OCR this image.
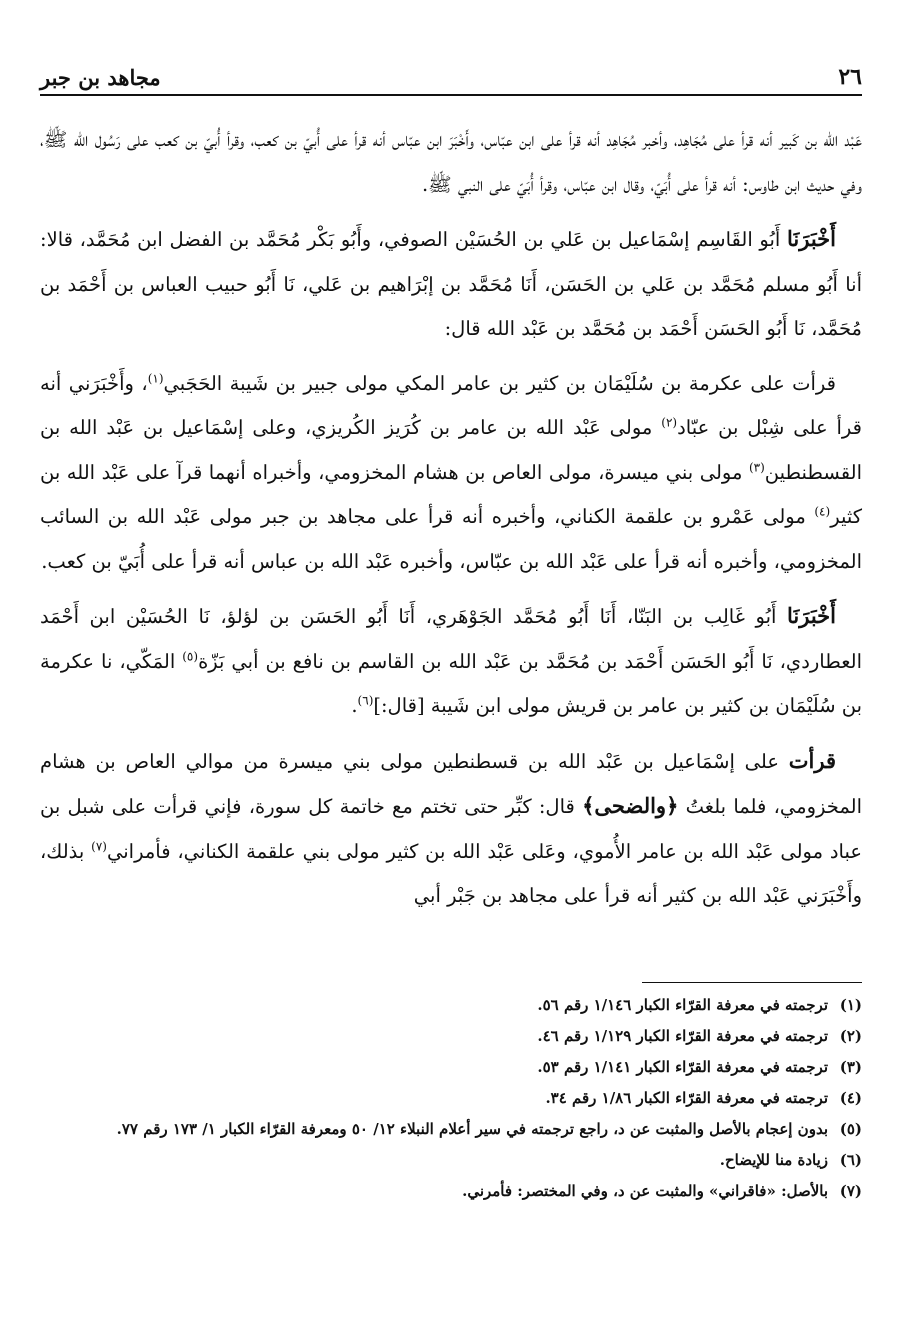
٢٦
مجاهد بن جبر

عَبْد الله بن كَبير أنه قرأ على مُجَاهِد، وأخبر مُجَاهِد أنه قرأ على ابن عبّاس، وأَخْبَرَ ابن عبّاس أنه قرأ على أُبيّ بن كعب، وقرأ أُبيّ بن كعب على رَسُول الله ﷺ، وفي حديث ابن طاوس: أنه قرأ على أُبَيّ، وقال ابن عبّاس، وقرأ أُبَيّ على النبي ﷺ.

أَخْبَرَنَا أَبُو القَاسِم إسْمَاعيل بن عَلي بن الحُسَيْن الصوفي، وأَبُو بَكْر مُحَمَّد بن الفضل ابن مُحَمَّد، قالا: أنا أَبُو مسلم مُحَمَّد بن عَلي بن الحَسَن، أَنَا مُحَمَّد بن إبْرَاهيم بن عَلي، نَا أَبُو حبيب العباس بن أَحْمَد بن مُحَمَّد، نَا أَبُو الحَسَن أَحْمَد بن مُحَمَّد بن عَبْد الله قال:

قرأت على عكرمة بن سُلَيْمَان بن كثير بن عامر المكي مولى جبير بن شَيبة الحَجَبي$^{(١)}$، وأَخْبَرَني أنه قرأ على شِبْل بن عبّاد$^{(٢)}$ مولى عَبْد الله بن عامر بن كُرَيز الكُريزي، وعلى إسْمَاعيل بن عَبْد الله بن القسطنطين$^{(٣)}$ مولى بني ميسرة، مولى العاص بن هشام المخزومي، وأخبراه أنهما قرآ على عَبْد الله بن كثير$^{(٤)}$ مولى عَمْرو بن علقمة الكناني، وأخبره أنه قرأ على مجاهد بن جبر مولى عَبْد الله بن السائب المخزومي، وأخبره أنه قرأ على عَبْد الله بن عبّاس، وأخبره عَبْد الله بن عباس أنه قرأ على أُبَيّ بن كعب.

أَخْبَرَنَا أَبُو غَالِب بن البَنّا، أَنَا أَبُو مُحَمَّد الجَوْهَري، أَنَا أَبُو الحَسَن بن لؤلؤ، نَا الحُسَيْن ابن أَحْمَد العطاردي، نَا أَبُو الحَسَن أَحْمَد بن مُحَمَّد بن عَبْد الله بن القاسم بن نافع بن أبي بَزّة$^{(٥)}$ المَكّي، نا عكرمة بن سُلَيْمَان بن كثير بن عامر بن قريش مولى ابن شَيبة [قال:]$^{(٦)}$.

قرأت على إسْمَاعيل بن عَبْد الله بن قسطنطين مولى بني ميسرة من موالي العاص بن هشام المخزومي، فلما بلغتُ ﴿والضحى﴾ قال: كبِّر حتى تختم مع خاتمة كل سورة، فإني قرأت على شبل بن عباد مولى عَبْد الله بن عامر الأُموي، وعَلى عَبْد الله بن كثير مولى بني علقمة الكناني، فأمراني$^{(٧)}$ بذلك، وأَخْبَرَني عَبْد الله بن كثير أنه قرأ على مجاهد بن جَبْر أبي

(١)
ترجمته في معرفة القرّاء الكبار ١/١٤٦ رقم ٥٦.
(٢)
ترجمته في معرفة القرّاء الكبار ١/١٢٩ رقم ٤٦.
(٣)
ترجمته في معرفة القرّاء الكبار ١/١٤١ رقم ٥٣.
(٤)
ترجمته في معرفة القرّاء الكبار ١/٨٦ رقم ٣٤.
(٥)
بدون إعجام بالأصل والمثبت عن د، راجع ترجمته في سير أعلام النبلاء ١٢/ ٥٠ ومعرفة القرّاء الكبار ١/ ١٧٣ رقم ٧٧.
(٦)
زيادة منا للإيضاح.
(٧)
بالأصل: «فاقراني» والمثبت عن د، وفي المختصر: فأمرني.
